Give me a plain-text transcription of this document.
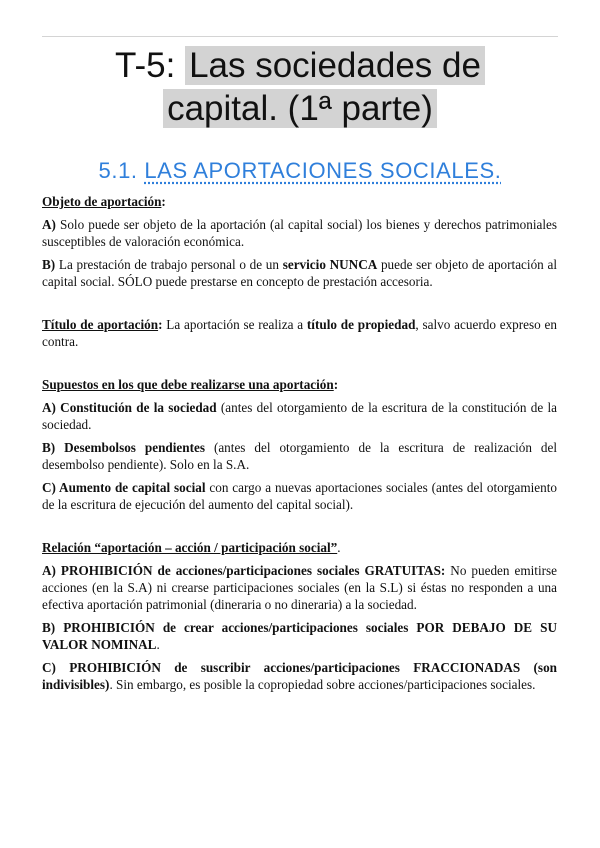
T-5: Las sociedades de
capital. (1ª parte)
5.1. LAS APORTACIONES SOCIALES.

Objeto de aportación:

A) Solo puede ser objeto de la aportación (al capital social) los bienes y derechos patrimoniales susceptibles de valoración económica.

B) La prestación de trabajo personal o de un servicio NUNCA puede ser objeto de aportación al capital social. SÓLO puede prestarse en concepto de prestación accesoria.

Título de aportación: La aportación se realiza a título de propiedad, salvo acuerdo expreso en contra.

Supuestos en los que debe realizarse una aportación:

A) Constitución de la sociedad (antes del otorgamiento de la escritura de la constitución de la sociedad.

B) Desembolsos pendientes (antes del otorgamiento de la escritura de realización del desembolso pendiente). Solo en la S.A.

C) Aumento de capital social con cargo a nuevas aportaciones sociales (antes del otorgamiento de la escritura de ejecución del aumento del capital social).

Relación “aportación – acción / participación social”.

A) PROHIBICIÓN de acciones/participaciones sociales GRATUITAS: No pueden emitirse acciones (en la S.A) ni crearse participaciones sociales (en la S.L) si éstas no responden a una efectiva aportación patrimonial (dineraria o no dineraria) a la sociedad.

B) PROHIBICIÓN de crear acciones/participaciones sociales POR DEBAJO DE SU VALOR NOMINAL.

C) PROHIBICIÓN de suscribir acciones/participaciones FRACCIONADAS (son indivisibles). Sin embargo, es posible la copropiedad sobre acciones/participaciones sociales.
